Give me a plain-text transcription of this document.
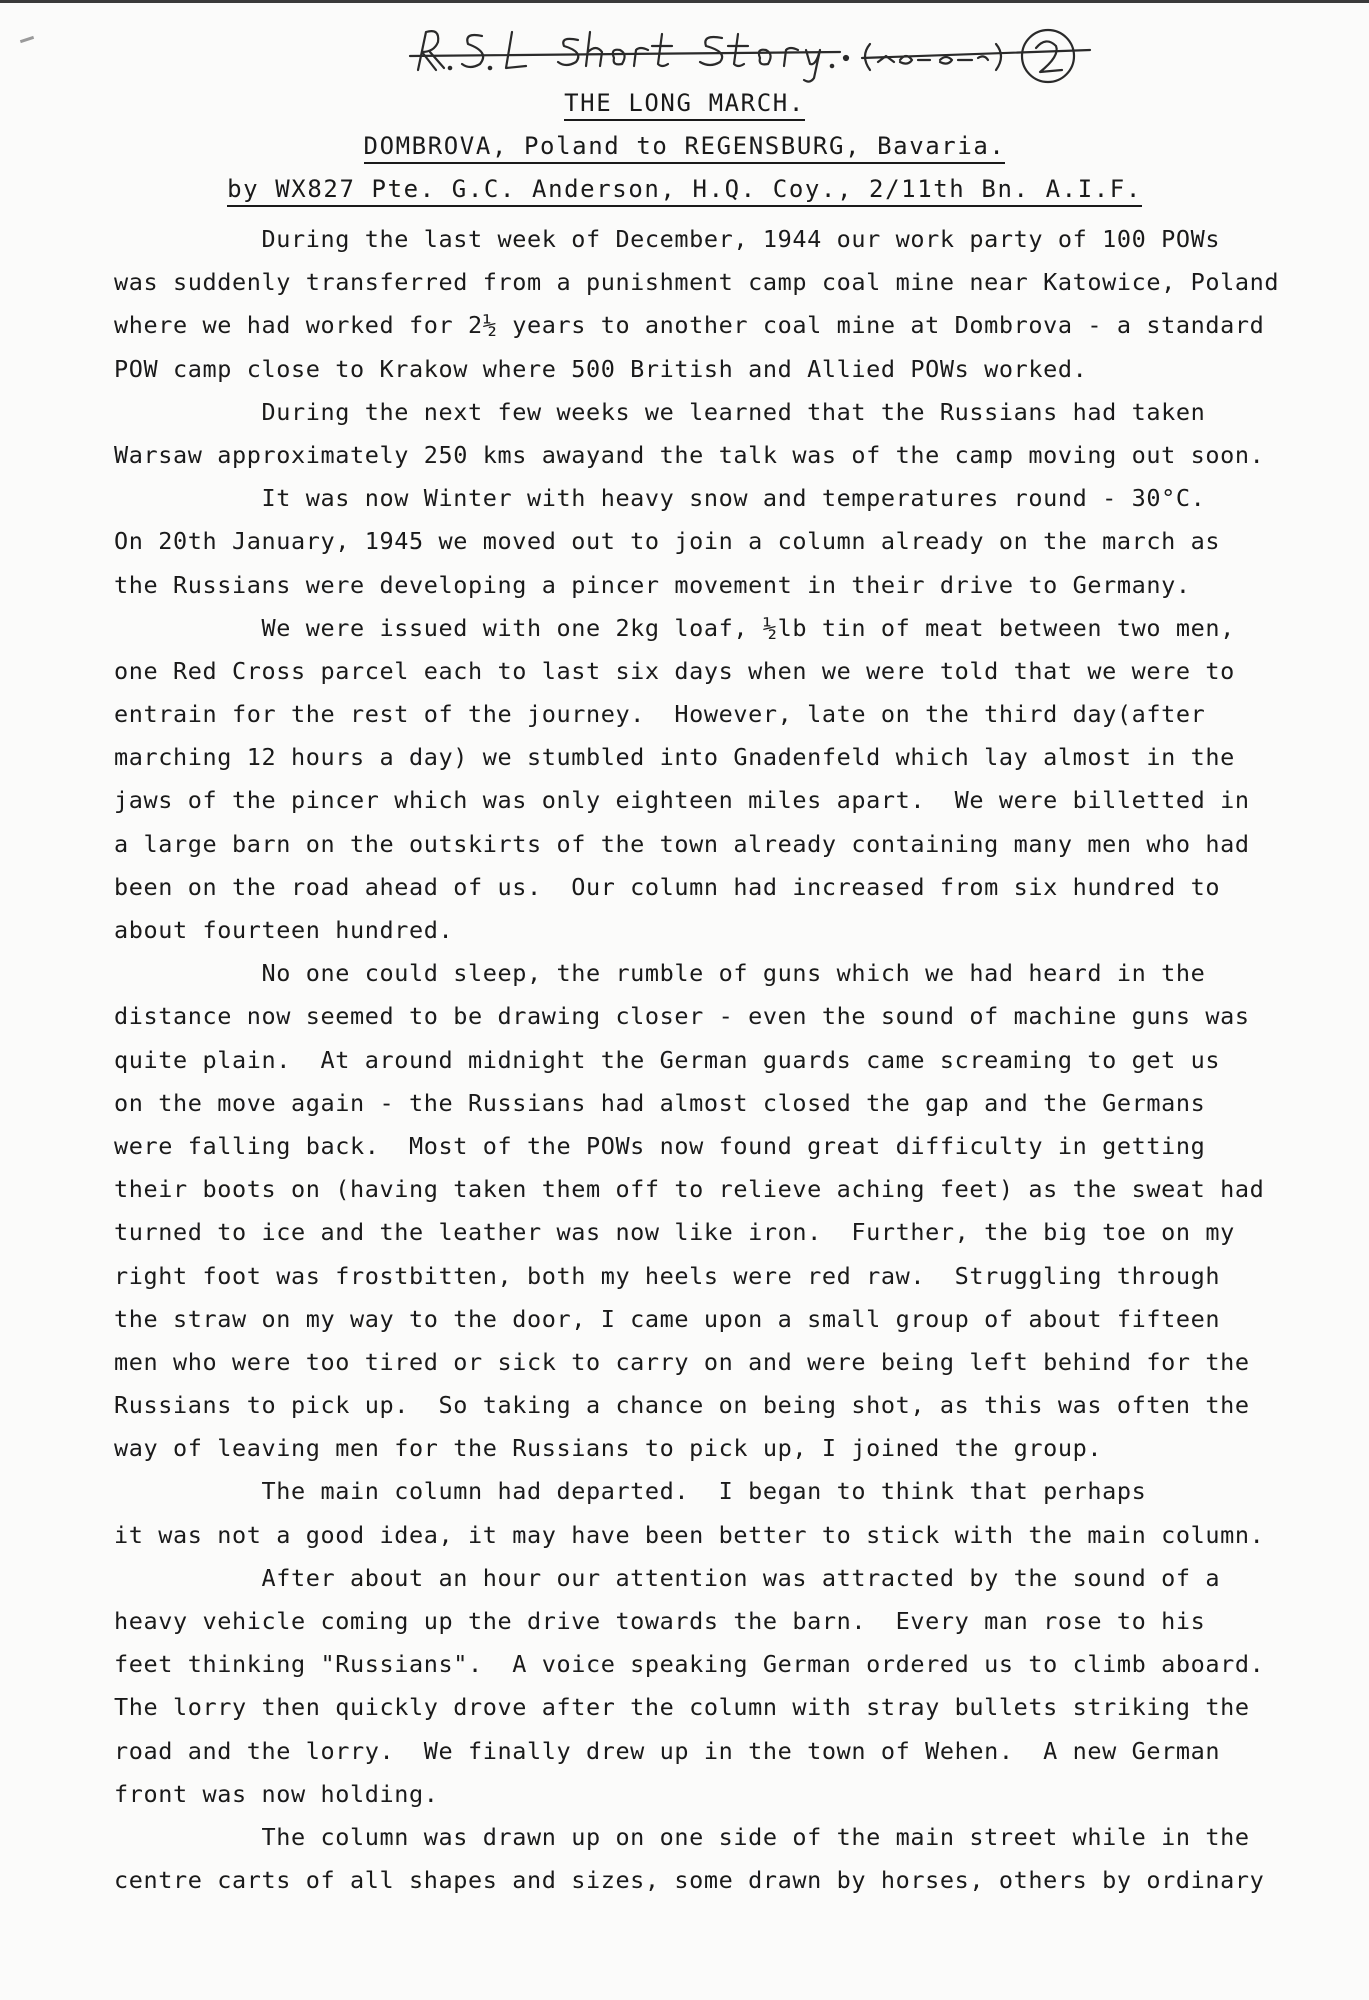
R.S.L. Short Story. (2)
THE LONG MARCH.
DOMBROVA, Poland to REGENSBURG, Bavaria.
by WX827 Pte. G.C. Anderson, H.Q. Coy., 2/11th Bn. A.I.F.
During the last week of December, 1944 our work party of 100 POWs
was suddenly transferred from a punishment camp coal mine near Katowice, Poland
where we had worked for 2½ years to another coal mine at Dombrova - a standard
POW camp close to Krakow where 500 British and Allied POWs worked.
During the next few weeks we learned that the Russians had taken
Warsaw approximately 250 kms awayand the talk was of the camp moving out soon.
It was now Winter with heavy snow and temperatures round - 30°C.
On 20th January, 1945 we moved out to join a column already on the march as
the Russians were developing a pincer movement in their drive to Germany.
We were issued with one 2kg loaf, ½lb tin of meat between two men,
one Red Cross parcel each to last six days when we were told that we were to
entrain for the rest of the journey.  However, late on the third day(after
marching 12 hours a day) we stumbled into Gnadenfeld which lay almost in the
jaws of the pincer which was only eighteen miles apart.  We were billetted in
a large barn on the outskirts of the town already containing many men who had
been on the road ahead of us.  Our column had increased from six hundred to
about fourteen hundred.
No one could sleep, the rumble of guns which we had heard in the
distance now seemed to be drawing closer - even the sound of machine guns was
quite plain.  At around midnight the German guards came screaming to get us
on the move again - the Russians had almost closed the gap and the Germans
were falling back.  Most of the POWs now found great difficulty in getting
their boots on (having taken them off to relieve aching feet) as the sweat had
turned to ice and the leather was now like iron.  Further, the big toe on my
right foot was frostbitten, both my heels were red raw.  Struggling through
the straw on my way to the door, I came upon a small group of about fifteen
men who were too tired or sick to carry on and were being left behind for the
Russians to pick up.  So taking a chance on being shot, as this was often the
way of leaving men for the Russians to pick up, I joined the group.
The main column had departed.  I began to think that perhaps
it was not a good idea, it may have been better to stick with the main column.
After about an hour our attention was attracted by the sound of a
heavy vehicle coming up the drive towards the barn.  Every man rose to his
feet thinking "Russians".  A voice speaking German ordered us to climb aboard.
The lorry then quickly drove after the column with stray bullets striking the
road and the lorry.  We finally drew up in the town of Wehen.  A new German
front was now holding.
The column was drawn up on one side of the main street while in the
centre carts of all shapes and sizes, some drawn by horses, others by ordinary
